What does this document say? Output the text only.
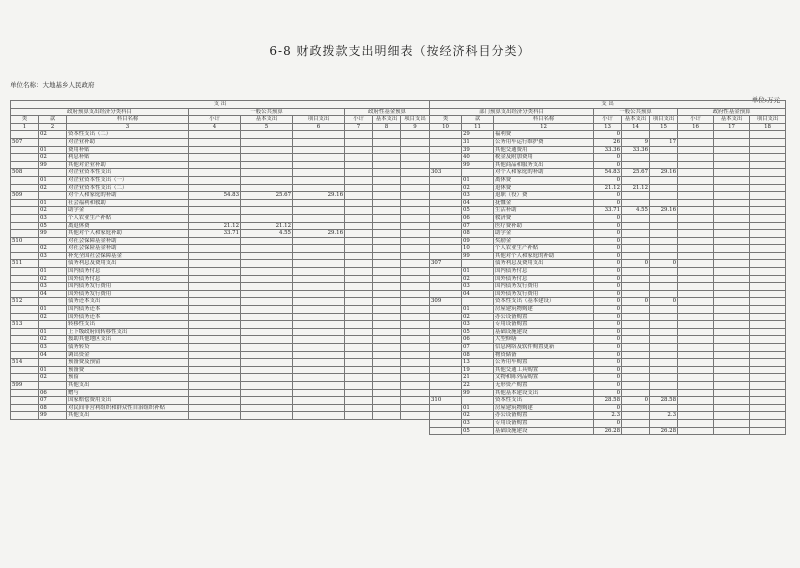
6-8 财政拨款支出明细表（按经济科目分类）
单位名称：大地基乡人民政府
单位:万元
支 出								
政府预算支出经济分类科目			一般公共预算			政府性基金预算		
类	款	科目名称	小计	基本支出	项目支出	小计	基本支出	项目支出
1	2	3	4	5	6	7	8	9
	02	资本性支出（二）						
507		对企业补助						
	01	费用补贴						
	02	利息补贴						
	99	其他对企业补助						
508		对企业资本性支出						
	01	对企业资本性支出（一）						
	02	对企业资本性支出（二）						
509		对个人和家庭的补助	54.83	25.67	29.16			
	01	社会福利和救助						
	02	助学金						
	03	个人农业生产补贴						
	05	离退休费	21.12	21.12				
	99	其他对个人和家庭补助	33.71	4.55	29.16			
510		对社会保障基金补助						
	02	对社会保险基金补助						
	03	补充全国社会保障基金						
511		债务利息及费用支出						
	01	国内债务付息						
	02	国外债务付息						
	03	国内债务发行费用						
	04	国外债务发行费用						
512		债务还本支出						
	01	国内债务还本						
	02	国外债务还本						
513		转移性支出						
	01	上下级政府间转移性支出						
	02	援助其他地区支出						
	03	债务转贷						
	04	调出资金						
514		预备费及预留						
	01	预备费						
	02	预留						
599		其他支出						
	06	赠与						
	07	国家赔偿费用支出						
	08	对民间非营利组织和群众性自治组织补贴						
	99	其他支出						
支 出								
部门预算支出经济分类科目			一般公共预算			政府性基金预算		
类	款	科目名称	小计	基本支出	项目支出	小计	基本支出	项目支出
10	11	12	13	14	15	16	17	18
	29	福利费	0					
	31	公务用车运行维护费	26	9	17			
	39	其他交通费用	33.36	33.36				
	40	税金及附加费用	0					
	99	其他商品和服务支出	0					
303		对个人和家庭的补助	54.83	25.67	29.16			
	01	离休费	0					
	02	退休费	21.12	21.12				
	03	退职（役）费	0					
	04	抚恤金	0					
	05	生活补助	33.71	4.55	29.16			
	06	救济费	0					
	07	医疗费补助	0					
	08	助学金	0					
	09	奖励金	0					
	10	个人农业生产补贴	0					
	99	其他对个人和家庭的补助	0					
307		债务利息及费用支出	0	0	0			
	01	国内债务付息	0					
	02	国外债务付息	0					
	03	国内债务发行费用	0					
	04	国外债务发行费用	0					
309		资本性支出（基本建设）	0	0	0			
	01	房屋建筑物购建	0					
	02	办公设备购置	0					
	03	专用设备购置	0					
	05	基础设施建设	0					
	06	大型修缮	0					
	07	信息网络及软件购置更新	0					
	08	物资储备	0					
	13	公务用车购置	0					
	19	其他交通工具购置	0					
	21	文物和陈列品购置	0					
	22	无形资产购置	0					
	99	其他基本建设支出	0					
310		资本性支出	28.58	0	28.58			
	01	房屋建筑物购建	0					
	02	办公设备购置	2.3		2.3			
	03	专用设备购置	0					
	05	基础设施建设	26.28		26.28			
